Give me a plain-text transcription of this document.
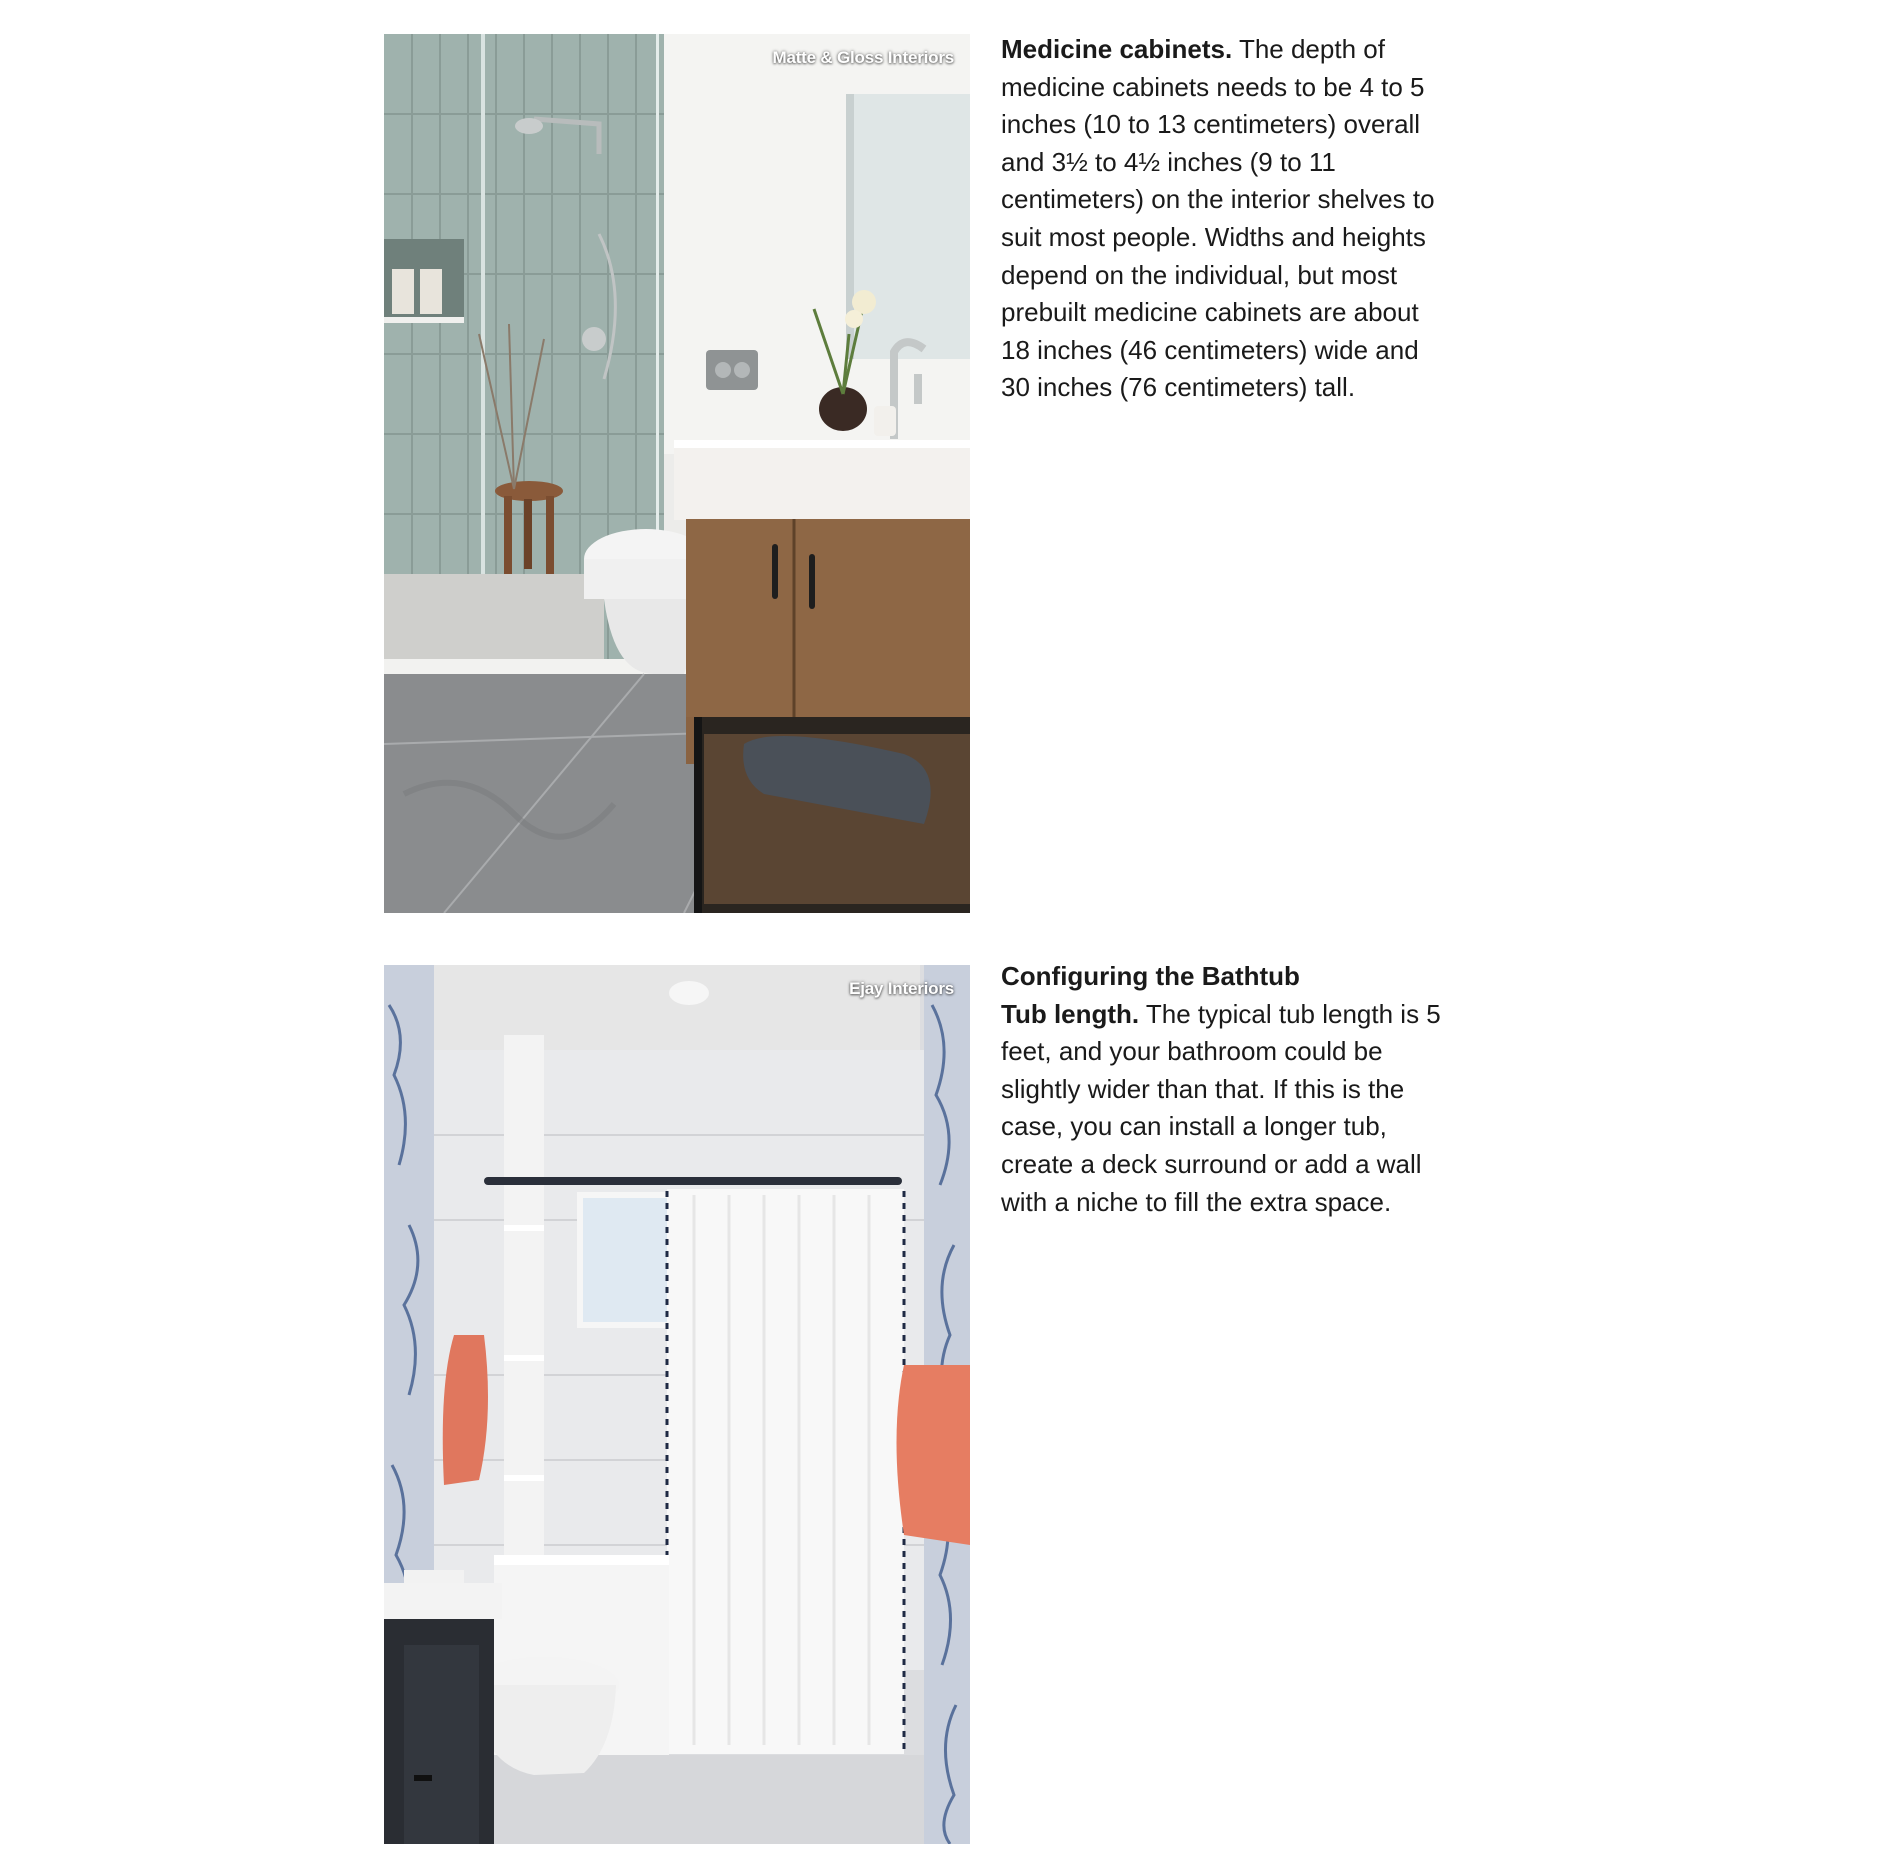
Matte & Gloss Interiors Medicine cabinets. The depth of medicine cabinets needs to be 4 to 5 inches (10 to 13 centimeters) overall and 3½ to 4½ inches (9 to 11 centimeters) on the interior shelves to suit most people. Widths and heights depend on the individual, but most prebuilt medicine cabinets are about 18 inches (46 centimeters) wide and 30 inches (76 centimeters) tall.

Ejay Interiors Configuring the Bathtub

Tub length. The typical tub length is 5 feet, and your bathroom could be slightly wider than that. If this is the case, you can install a longer tub, create a deck surround or add a wall with a niche to fill the extra space.
